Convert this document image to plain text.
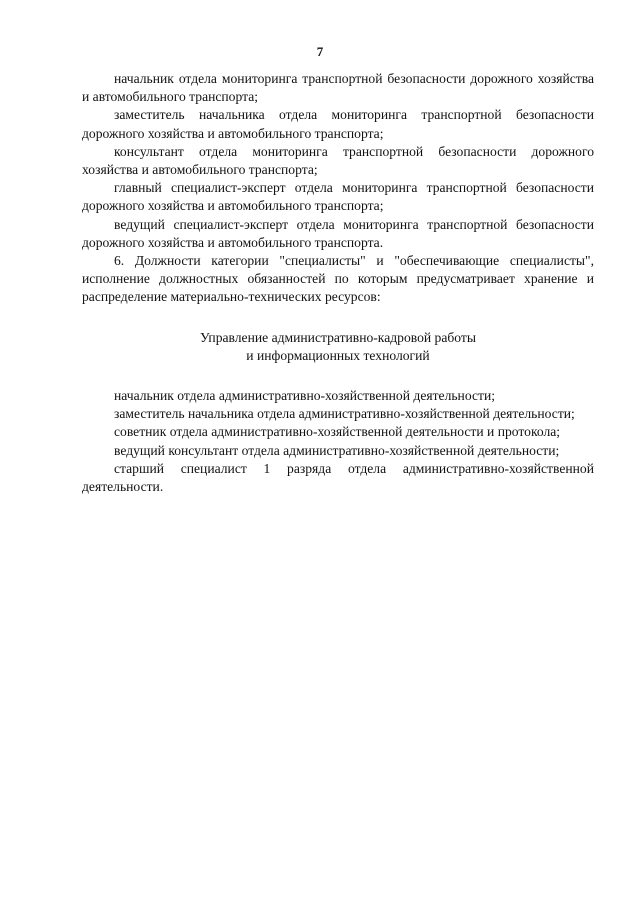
7

начальник отдела мониторинга транспортной безопасности дорожного хозяйства и автомобильного транспорта;

заместитель начальника отдела мониторинга транспортной безопасности дорожного хозяйства и автомобильного транспорта;

консультант отдела мониторинга транспортной безопасности дорожного хозяйства и автомобильного транспорта;

главный специалист-эксперт отдела мониторинга транспортной безопасности дорожного хозяйства и автомобильного транспорта;

ведущий специалист-эксперт отдела мониторинга транспортной безопасности дорожного хозяйства и автомобильного транспорта.

6. Должности категории "специалисты" и "обеспечивающие специалисты", исполнение должностных обязанностей по которым предусматривает хранение и распределение материально-технических ресурсов:

Управление административно-кадровой работы
и информационных технологий

начальник отдела административно-хозяйственной деятельности;

заместитель начальника отдела административно-хозяйственной деятельности;

советник отдела административно-хозяйственной деятельности и протокола;

ведущий консультант отдела административно-хозяйственной деятельности;

старший специалист 1 разряда отдела административно-хозяйственной деятельности.
